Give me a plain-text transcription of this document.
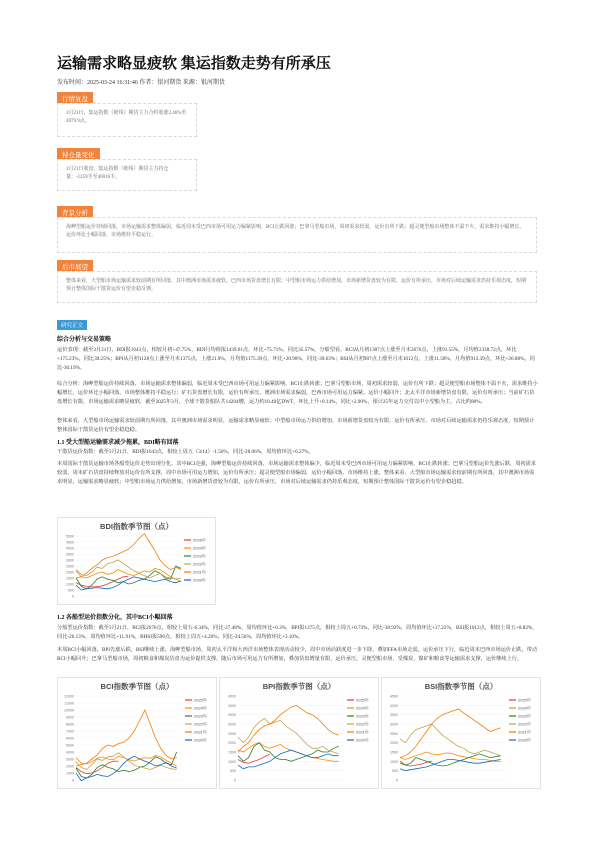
运输需求略显疲软 集运指数走势有所承压
发布时间：2025-03-24 16:31:46 作者：银河期货 来源：银河期货
行情复盘
3月21日，集运指数（欧线）期货主力合约收涨2.46%至2079.9点。
持仓量变化
3月21日收盘，集运指数（欧线）期货主力持仓量：-1259手至40016手。
背景分析
海岬型船运价持续回落，市场运输需求整体偏弱，临近周末受巴西市场可用运力偏紧影响，BCI止跌回涨；巴拿马型船市场，周初需求较弱，运价有所下跌；超灵便型船市场整体不温不火，需求维持小幅增长，运价环比小幅回落，市场维持平稳运行。
后市展望
整体来看，大型船市场运输需求较前期有所回落，其中澳洲市场需求疲软，巴西市场货盘增长有限；中型船市场运力供给增加，市场新增货盘较为有限，运价有所承压，市场对后续运输需求仍持乐观态度，短期预计整体国际干散货运价有望企稳反弹。
研究正文
综合分析与交易策略
运价表现：截至3月21日，BDI报1643点，相较月初+47.75%，BDI月均值报1439.61点，环比+75.71%，同比35.57%。分船型看，BCI从月初1307点上涨至月末2676点，上涨91.55%，月均值2338.72点，环比+175.23%，同比39.25%；BPI从月初1128点上涨至月末1375点，上涨21.9%，月均值1175.39点，环比+20.98%，同比-39.63%；BSI从月初907点上涨至月末1012点，上涨11.58%，月均值913.39点，环比+26.88%，同比-30.19%。
综合分析：海岬型船运价持续回落，市场运输需求整体偏弱，临近周末受巴西市场可用运力偏紧影响，BCI止跌转涨；巴拿马型船市场，周初需求较弱，运价有所下跌；超灵便型船市场整体不温不火，需求维持小幅增长，运价环比小幅回落，市场整体维持平稳运行；矿石货盘增长有限，运价有所承压。澳洲市场需求偏弱，巴西市场可用运力偏紧，运价小幅回升；北太平洋市场新增货盘有限，运价有所承压；当前矿石货盘增长有限，市场运输需求略显疲软，截至2025年3月，全球干散货船队共14204艘，运力约10.40亿DWT，环比上升+0.14%，同比+2.90%，预计25年运力交付以中小型船为主，占比约80%。
整体来看，大型船市场运输需求较前期有所回落，其中澳洲市场需求明显，运输需求略显疲软；中型船市场运力供给增加，市场新增货盘较为有限，运价有所承压，市场对后续运输需求仍持乐观态度，短期预计整体国际干散货运价有望企稳趋稳。
1.1 受大型船运输需求减少拖累，BDI略有回落
干散货运价指数：截至3月21日，BDI报1643点，相较上周五（3/14）-1.56%，同比-28.06%，周均值环比+6.27%。
本周国际干散货运输市场各船型运价走势出现分化，其中BCI走强，海岬型船运价持续回落，市场运输需求整体偏少，临近周末受巴西市场可用运力偏紧影响，BCI止跌转涨；巴拿马型船运价先涨后跌，周初需求较弱，周末矿石货盘持续释放对运价有所支撑，周中市场可用运力增加，运价有所承压；超灵便型船市场偏弱，运价小幅回落，市场维持上涨，整体来看，大型船市场运输需求较前期有所回落，其中澳洲市场需求明显，运输需求略显疲软；中型船市场运力供给增加，市场新增货盘较为有限，运价有所承压，市场对后续运输需求仍持乐观态度，短期预计整体国际干散货运价有望企稳趋稳。
BDI指数季节图（点）
5000
4500
4000
3500
3000
2500
2000
1500
1000
500
0
2025年
2024年
2023年
2022年
2021年
2020年
1.2 各船型运价指数分化，其中BCI小幅回落
分船型运价指数：截至3月21日，BCI报2676点，相较上周五-6.34%，同比-27.48%，周均值环比+0.3%，BPI报1375点，相较上周五+0.73%，同比-38.92%，周均值环比+17.22%，BSI报1012点，相较上周五+8.82%，同比-26.13%，周均值环比+11.91%，BHSI报596点，相较上周五+4.20%，同比-24.56%，周均值环比+3.10%。
本周BCI小幅回落，BPI先涨后跌，BSI继续上涨，海岬型船市场，周初太平洋和大西洋市场整体表现活动较少，周中市场活跃度进一步下降，叠加FFA市场走弱，运价承压下行，临近周末巴西市场运价止跌，带动BCI小幅回升；巴拿马型船市场，周初粮食和煤炭货盘为运价提供支撑，随后市场可用运力有所增加，叠加货盘增量有限，运价承压，灵便型船市场，受煤炭、镍矿和粮食等运输需求支撑，运价继续上行。
BCI指数季节图（点）
12000
11000
10000
9000
8000
7000
6000
5000
4000
3000
2000
1000
0
2025年
2024年
2023年
2022年
2021年
2020年
BPI指数季节图（点）
4500
4000
3500
3000
2500
2000
1500
1000
500
0
2025年
2024年
2023年
2022年
2021年
2020年
BSI指数季节图（点）
4500
4000
3500
3000
2500
2000
1500
1000
500
0
2025年
2024年
2023年
2022年
2021年
2020年
